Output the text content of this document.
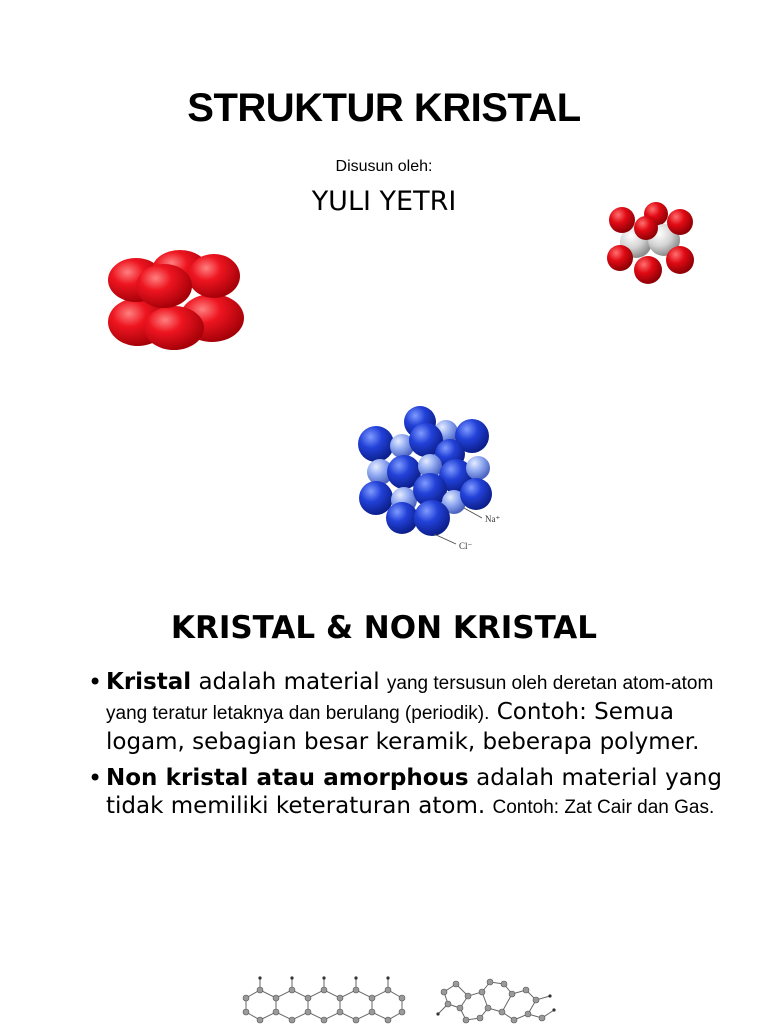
STRUKTUR KRISTAL
Disusun oleh:
YULI YETRI
Na⁺
Cl⁻
KRISTAL & NON KRISTAL
• Kristal adalah material yang tersusun oleh deretan atom-atom yang teratur letaknya dan berulang (periodik). Contoh: Semua logam, sebagian besar keramik, beberapa polymer.
• Non kristal atau amorphous adalah material yang tidak memiliki keteraturan atom. Contoh: Zat Cair dan Gas.
